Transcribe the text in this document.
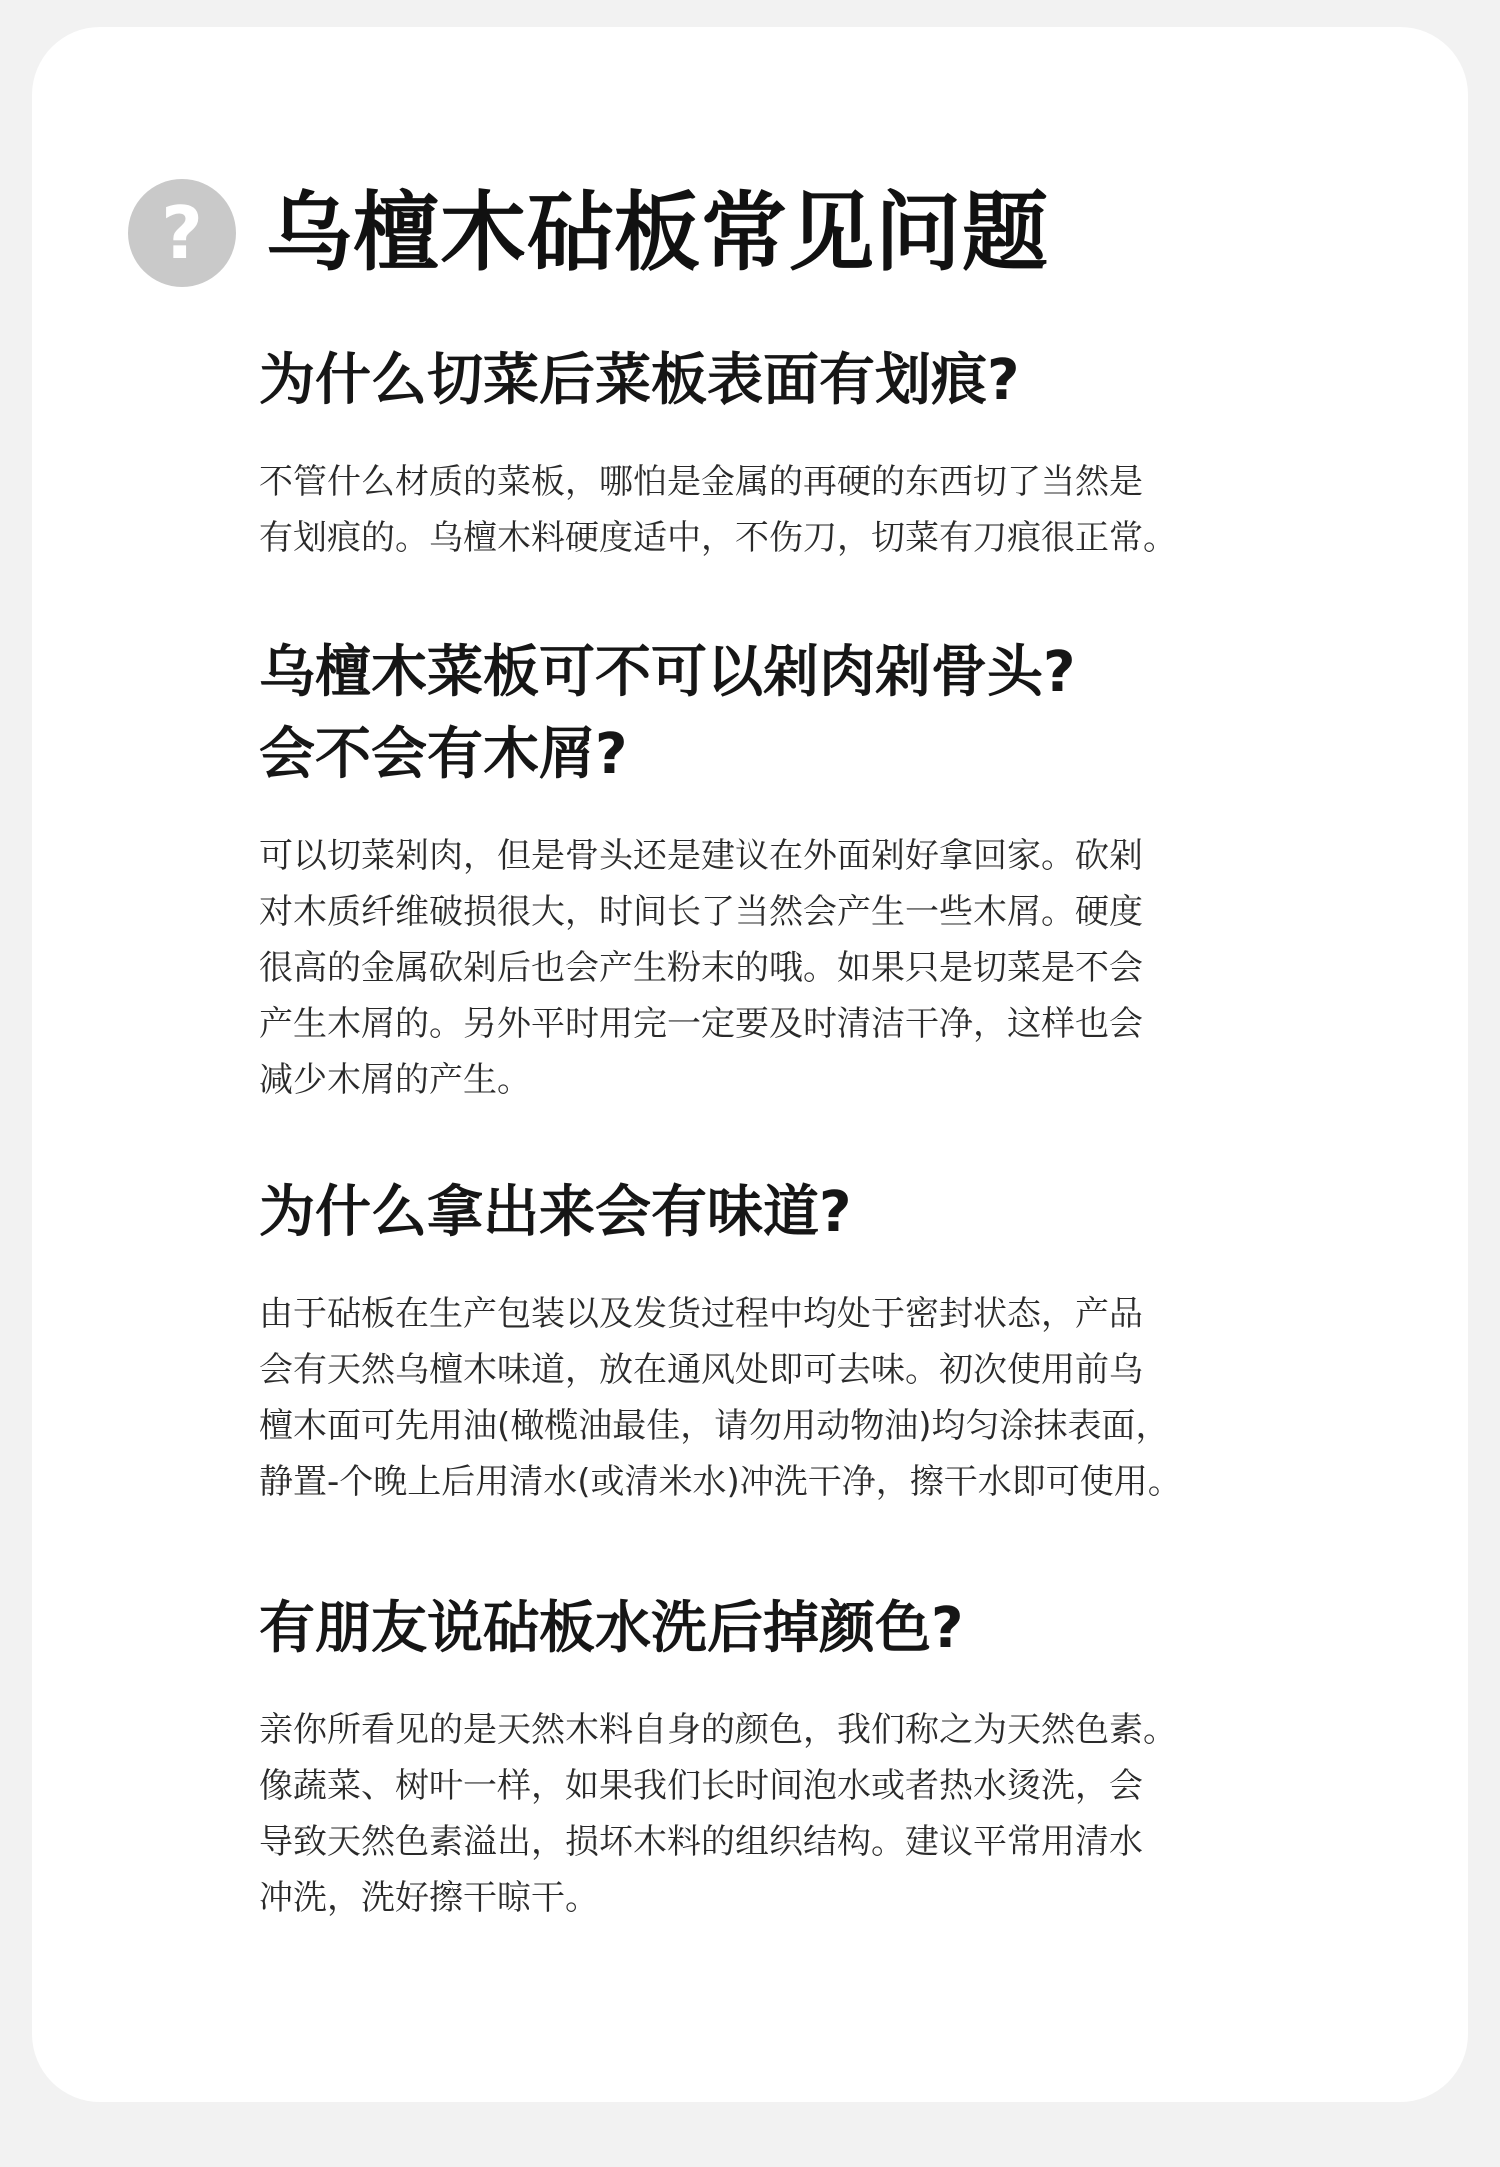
? 乌檀木砧板常见问题
为什么切菜后菜板表面有划痕?
不管什么材质的菜板，哪怕是金属的再硬的东西切了当然是
有划痕的。乌檀木料硬度适中，不伤刀，切菜有刀痕很正常。
乌檀木菜板可不可以剁肉剁骨头?
会不会有木屑?
可以切菜剁肉，但是骨头还是建议在外面剁好拿回家。砍剁
对木质纤维破损很大，时间长了当然会产生一些木屑。硬度
很高的金属砍剁后也会产生粉末的哦。如果只是切菜是不会
产生木屑的。另外平时用完一定要及时清洁干净，这样也会
减少木屑的产生。
为什么拿出来会有味道?
由于砧板在生产包装以及发货过程中均处于密封状态，产品
会有天然乌檀木味道，放在通风处即可去味。初次使用前乌
檀木面可先用油(橄榄油最佳，请勿用动物油)均匀涂抹表面，
静置-个晚上后用清水(或清米水)冲洗干净，擦干水即可使用。
有朋友说砧板水洗后掉颜色?
亲你所看见的是天然木料自身的颜色，我们称之为天然色素。
像蔬菜、树叶一样，如果我们长时间泡水或者热水烫洗，会
导致天然色素溢出，损坏木料的组织结构。建议平常用清水
冲洗，洗好擦干晾干。
